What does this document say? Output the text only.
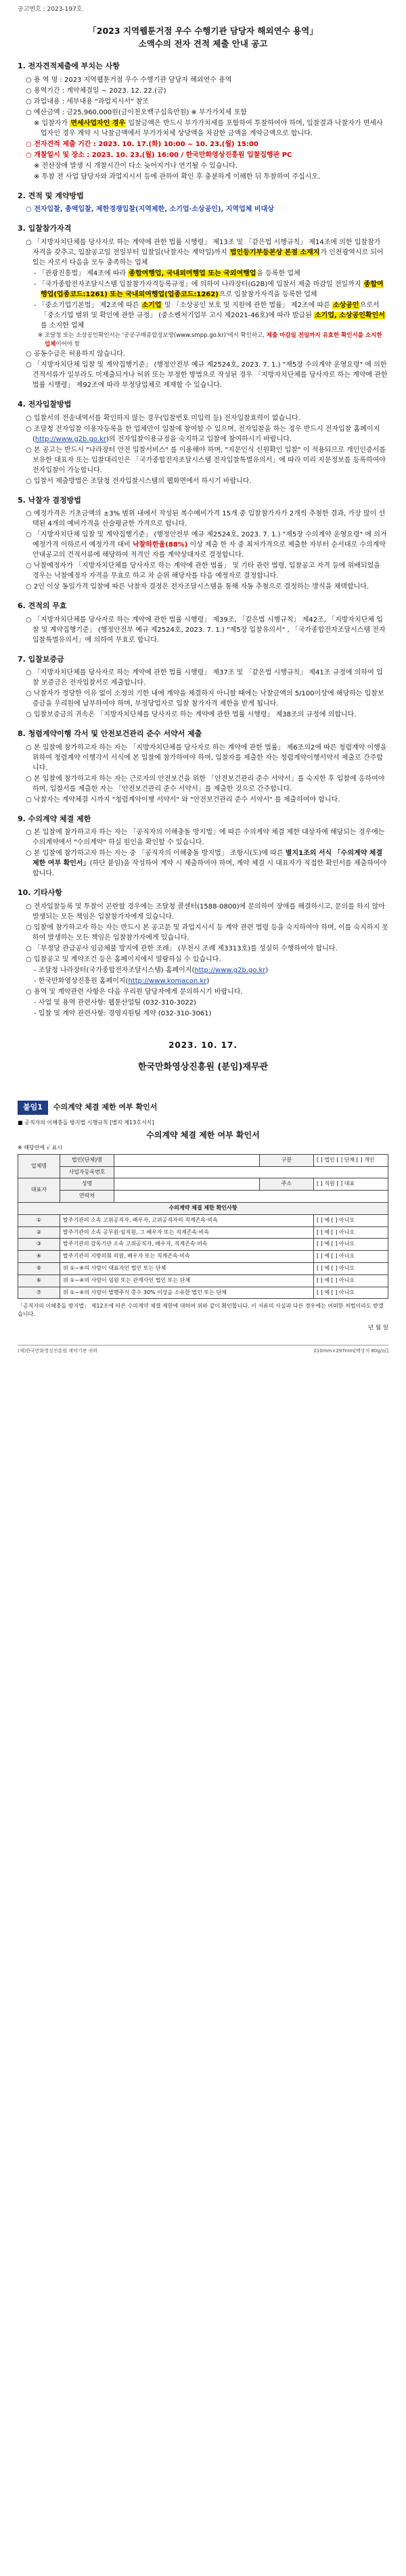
공고번호 : 2023-197호
「2023 지역웹툰거점 우수 수행기관 담당자 해외연수 용역」
소액수의 전자 견적 제출 안내 공고
1. 전자견적제출에 부치는 사항
○ 용 역 명 : 2023 지역웹툰거점 우수 수행기관 담당자 해외연수 용역
○ 용역기간 : 계약체결일 ~ 2023. 12. 22.(금)
○ 과업내용 : 세부내용 "과업지시서" 참조
○ 예산금액 : 금25,960,000원(금이천오백구십육만원) ※ 부가가치세 포함
※ 입찰자가 면세사업자인 경우 입찰금액은 반드시 부가가치세를 포함하여 투찰하여야 하며, 입찰결과 낙찰자가 면세사업자인 경우 계약 시 낙찰금액에서 부가가치세 상당액을 차감한 금액을 계약금액으로 합니다.
○ 전자견적 제출 기간 : 2023. 10. 17.(화) 10:00 ~ 10. 23.(월) 15:00
○ 개찰일시 및 장소 : 2023. 10. 23.(월) 16:00 / 한국만화영상진흥원 입찰집행관 PC
※ 전산장애 발생 시 개찰시간이 다소 늦어지거나 연기될 수 있습니다.
※ 투찰 전 사업 담당자와 과업지시서 등에 관하여 확인 후 충분하게 이해한 뒤 투찰하여 주십시오.
2. 견적 및 계약방법
○ 전자입찰, 총액입찰, 제한경쟁입찰(지역제한, 소기업·소상공인), 지역업체 비대상
3. 입찰참가자격
○ 「지방자치단체를 당사자로 하는 계약에 관한 법률 시행령」 제13조 및 「같은법 시행규칙」 제14조에 의한 입찰참가 자격을 갖추고, 입찰공고일 전일부터 입찰일(낙찰자는 계약일)까지 법인등기부등본상 본점 소재지가 인천광역시로 되어 있는 자로서 다음을 모두 충족하는 업체
- 「관광진흥법」 제4조에 따라 종합여행업, 국내외여행업 또는 국외여행업을 등록한 업체
- 「국가종합전자조달시스템 입찰참가자격등록규정」에 의하여 나라장터(G2B)에 입찰서 제출 마감일 전일까지 종합여행업(업종코드:1261) 또는 국내외여행업(업종코드:1262)으로 입찰참가자격을 등록한 업체
- 「중소기업기본법」 제2조에 따른 소기업 및 「소상공인 보호 및 지원에 관한 법률」 제2조에 따른 소상공인으로서 「중소기업 범위 및 확인에 관한 규정」 (중소벤처기업부 고시 제2021-46호)에 따라 발급된 소기업, 소상공인확인서를 소지한 업체
※ 조달청 또는 소상공인확인서는 '공공구매종합정보망(www.smpp.go.kr)'에서 확인하고, 제출 마감일 전일까지 유효한 확인서를 소지한 업체이어야 함
○ 공동수급은 허용하지 않습니다.
○ 「지방자치단체 입찰 및 계약집행기준」 (행정안전부 예규 제2524호, 2023. 7. 1.) "제5장 수의계약 운영요령" 에 의한 견적서류가 일부라도 미제출되거나 허위 또는 부정한 방법으로 작성된 경우 「지방자치단체를 당사자로 하는 계약에 관한 법률 시행령」 제92조에 따라 부정당업체로 제재할 수 있습니다.
4. 전자입찰방법
○ 입찰서의 전송내역서를 확인하지 않는 경우(입찰번호 미입력 등) 전자입찰효력이 없습니다.
○ 조달청 전자입찰 이용자등록을 한 업체만이 입찰에 참여할 수 있으며, 전자입찰을 하는 경우 반드시 전자입찰 홈페이지(http://www.g2b.go.kr)의 전자입찰이용규정을 숙지하고 입찰에 참여하시기 바랍니다.
○ 본 공고는 반드시 "나라장터 안전 입찰서비스" 를 이용해야 하며, "지문인식 신원확인 입찰" 이 적용되므로 개인인증서를 보유한 대표자 또는 입찰대리인은 「국가종합전자조달시스템 전자입찰특별유의서」에 따라 미리 지문정보를 등록하여야 전자입찰이 가능합니다.
○ 입찰서 제출방법은 조달청 전자입찰시스템의 웹화면에서 하시기 바랍니다.
5. 낙찰자 결정방법
○ 예정가격은 기초금액의 ±3% 범위 내에서 작성된 복수예비가격 15개 중 입찰참가자가 2개씩 추첨한 결과, 가장 많이 선택된 4개의 예비가격을 산술평균한 가격으로 합니다.
○ 「지방자치단체 입찰 및 계약집행기준」 (행정안전부 예규 제2524호, 2023. 7. 1.) "제5장 수의계약 운영요령" 에 의거 예정가격 이하로서 예정가격 대비 낙찰하한율(88%) 이상 제출 한 자 중 최저가격으로 제출한 자부터 순서대로 수의계약 안내공고의 견적서류에 해당하여 적격인 자를 계약상대자로 결정합니다.
○ 낙찰예정자가 「지방자치단체를 당사자로 하는 계약에 관한 법률」 및 기타 관련 법령, 입찰공고 자격 등에 위배되었을 경우는 낙찰예정자 자격을 무효로 하고 차 순위 해당자를 다음 예정자로 결정합니다.
○ 2인 이상 동일가격 입찰에 따른 낙찰자 결정은 전자조달시스템을 통해 자동 추첨으로 결정하는 방식을 채택합니다.
6. 견적의 무효
○ 「지방자치단체를 당사자로 하는 계약에 관한 법률 시행령」 제39조, 「같은법 시행규칙」 제42조, 「지방자치단체 입찰 및 계약집행기준」 (행정안전부 예규 제2524호, 2023. 7. 1.) "제5장 입찰유의서" , 「국가종합전자조달시스템 전자입찰특별유의서」에 의하여 무효로 합니다.
7. 입찰보증금
○ 「지방자치단체를 당사자로 하는 계약에 관한 법률 시행령」 제37조 및 「같은법 시행규칙」 제41조 규정에 의하여 입찰 보증금은 전자입찰서로 제출합니다.
○ 낙찰자가 정당한 이유 없이 소정의 기한 내에 계약을 체결하지 아니할 때에는 낙찰금액의 5/100이상에 해당하는 입찰보증금을 우리원에 납부하여야 하며, 부정당업자로 입찰 참가자격 제한을 받게 됩니다.
○ 입찰보증금의 귀속은 「지방자치단체를 당사자로 하는 계약에 관한 법률 시행령」 제38조의 규정에 의합니다.
8. 청렴계약이행 각서 및 안전보건관리 준수 서약서 제출
○ 본 입찰에 참가하고자 하는 자는 「지방자치단체를 당사자로 하는 계약에 관한 법률」 제6조의2에 따른 청렴계약 이행을 위하여 청렴계약 이행각서 서식에 본 입찰에 참가하여야 하며, 입찰자를 제출한 자는 청렴계약이행서약서 제출로 간주합니다.
○ 본 입찰에 참가하고자 하는 자는 근로자의 안전보건을 위한 「안전보건관리 준수 서약서」를 숙지한 후 입찰에 응하여야 하며, 입찰서를 제출한 자는 「안전보건관리 준수 서약서」를 제출한 것으로 간주합니다.
○ 낙찰자는 계약체결 시까지 "청렴계약이행 서약서" 와 "안전보건관리 준수 서약서" 를 제출하여야 합니다.
9. 수의계약 체결 제한
○ 본 입찰에 참가하고자 하는 자는 「공직자의 이해충돌 방지법」에 따른 수의계약 체결 제한 대상자에 해당되는 경우에는 수의계약에서 "수의계약" 하실 원인을 확인할 수 있습니다.
○ 본 입찰에 참가하고자 하는 자는 중 「공직자의 이해충돌 방지법」 조항시(도)에 따른 별지1조의 서식 「수의계약 체결 제한 여부 확인서」(하단 붙임)을 작성하여 계약 시 제출하여야 하며, 계약 체결 시 대표자가 직접한 확인서를 제출하여야 합니다.
10. 기타사항
○ 전자입찰등록 및 투찰이 곤란할 경우에는 조달청 콜센터(1588-0800)에 문의하여 장애를 해결하시고, 문의를 하지 않아 발생되는 모든 책임은 입찰참가자에게 있습니다.
○ 입찰에 참가하고자 하는 자는 반드시 본 공고문 및 과업지시서 등 계약 관련 법령 등을 숙지하여야 하며, 이를 숙지하지 못하여 발생하는 모든 책임은 입찰참가자에게 있습니다.
○ 「부정당 관급공사 임금체불 방지에 관한 조례」 (부천시 조례 제3313호)를 성실히 수행하여야 합니다.
○ 입찰공고 및 계약조건 등은 홈페이지에서 열람하실 수 있습니다.
- 조달청 나라장터(국가종합전자조달시스템) 홈페이지(http://www.g2b.go.kr)
- 한국만화영상진흥원 홈페이지(http://www.komacon.kr)
○ 용역 및 계약관련 사항은 다음 우리원 담당자에게 문의하시기 바랍니다.
- 사업 및 용역 관련사항: 웹툰산업팀 (032-310-3022)
- 입찰 및 계약 관련사항: 경영지원팀 계약 (032-310-3061)
2023. 10. 17.
한국만화영상진흥원 (분임)재무관
붙임1	수의계약 체결 제한 여부 확인서
■ 공직자의 이해충돌 방지법 시행규칙 [별지 제13호서식]
수의계약 체결 제한 여부 확인서
※ 해당란에 √ 표시
업체명	법인(단체)명		구분	[ ] 법인 [ ] 단체 [ ] 개인
	사업자등록번호			
대표자	성명		주소	[ ] 직원 [ ] 대표
	연락처			
수의계약 체결 제한 확인사항				
①	발주기관의 소속 고위공직자, 배우자, 고위공직자의 직계존속·비속			[ ] 예 [ ] 아니오
②	발주기관의 소속 공무원·임직원, 그 배우자 또는 직계존속·비속			[ ] 예 [ ] 아니오
③	발주기관의 감독기관 소속 고위공직자, 배우자, 직계존속·비속			[ ] 예 [ ] 아니오
④	발주기관의 지방의회 의원, 배우자 또는 직계존속·비속			[ ] 예 [ ] 아니오
⑤	위 ①~④의 사람이 대표자인 법인 또는 단체			[ ] 예 [ ] 아니오
⑥	위 ①~④의 사람이 임원 또는 관계사인 법인 또는 단체			[ ] 예 [ ] 아니오
⑦	위 ①~④의 사람이 발행주식 총수 30% 이상을 소유한 법인 또는 단체			[ ] 예 [ ] 아니오
「공직자의 이해충돌 방지법」 제12조에 따른 수의계약 체결 제한에 대하여 위와 같이 확인합니다. 이 서류의 사실과 다른 경우에는 어떠한 처벌이라도 받겠습니다.
년 월 일
(재)한국만화영상진흥원 계약기관 귀하	210mm×297mm[백상지 80g/㎡]
